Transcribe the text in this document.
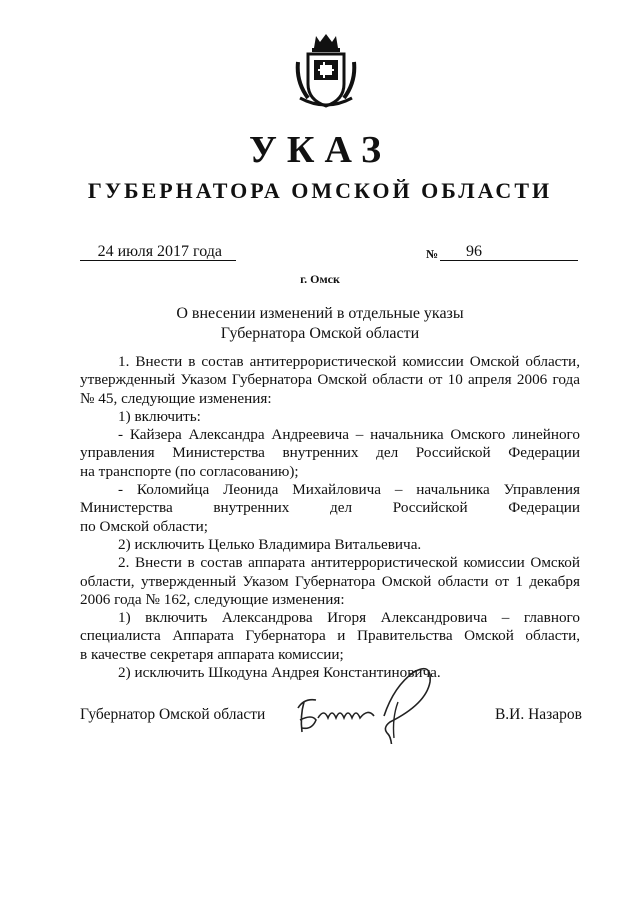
УКАЗ
ГУБЕРНАТОРА ОМСКОЙ ОБЛАСТИ
24 июля 2017 года	№	96
г. Омск
О внесении изменений в отдельные указы
Губернатора Омской области
1. Внести в состав антитеррористической комиссии Омской области,
утвержденный Указом Губернатора Омской области от 10 апреля 2006 года
№ 45, следующие изменения:
1) включить:
- Кайзера Александра Андреевича – начальника Омского линейного
управления Министерства внутренних дел Российской Федерации
на транспорте (по согласованию);
- Коломийца Леонида Михайловича – начальника Управления
Министерства внутренних дел Российской Федерации
по Омской области;
2) исключить Целько Владимира Витальевича.
2. Внести в состав аппарата антитеррористической комиссии Омской
области, утвержденный Указом Губернатора Омской области от 1 декабря
2006 года № 162, следующие изменения:
1) включить Александрова Игоря Александровича – главного
специалиста Аппарата Губернатора и Правительства Омской области,
в качестве секретаря аппарата комиссии;
2) исключить Шкодуна Андрея Константиновича.
Губернатор Омской области	В.И. Назаров
